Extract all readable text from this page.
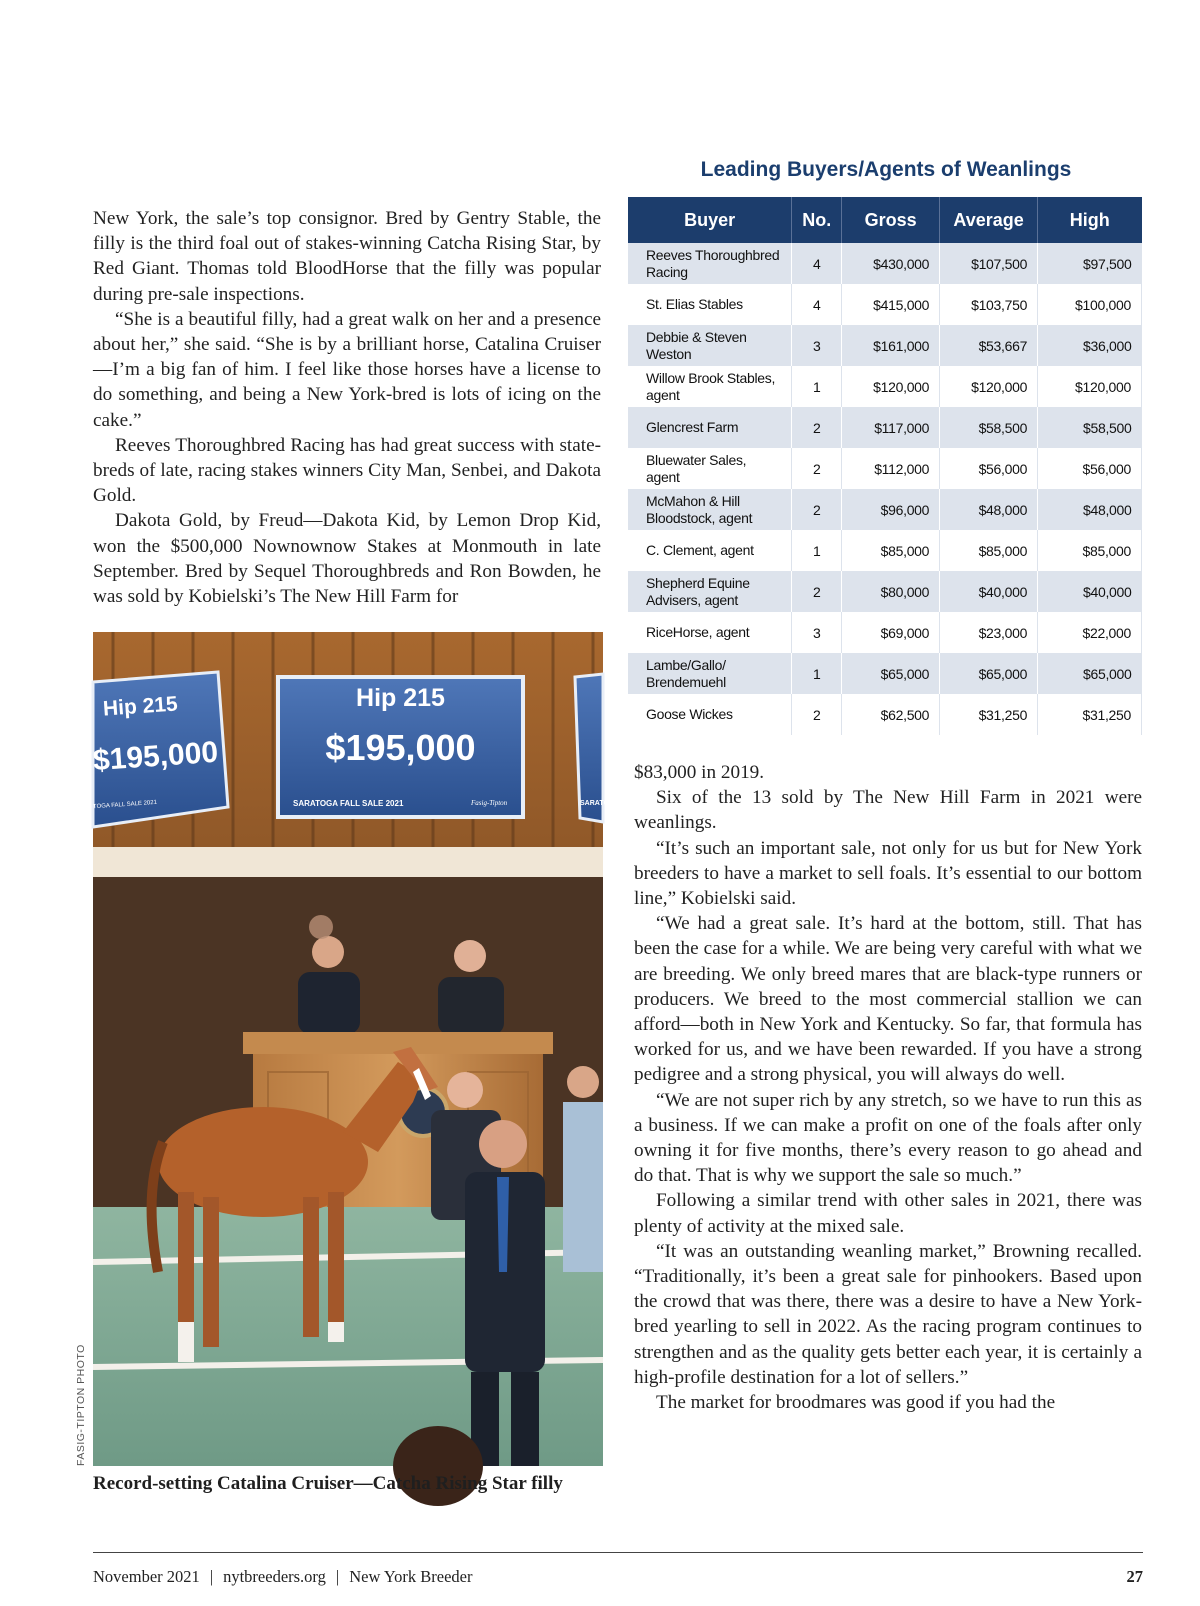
New York, the sale’s top consignor. Bred by Gentry Stable, the filly is the third foal out of stakes-winning Catcha Rising Star, by Red Giant. Thomas told BloodHorse that the filly was popular during pre-sale inspections.

“She is a beautiful filly, had a great walk on her and a presence about her,” she said. “She is by a brilliant horse, Catalina Cruiser—I’m a big fan of him. I feel like those horses have a license to do something, and being a New York-bred is lots of icing on the cake.”

Reeves Thoroughbred Racing has had great success with state-breds of late, racing stakes winners City Man, Senbei, and Dakota Gold.

Dakota Gold, by Freud—Dakota Kid, by Lemon Drop Kid, won the $500,000 Nownownow Stakes at Monmouth in late September. Bred by Sequel Thoroughbreds and Ron Bowden, he was sold by Kobielski’s The New Hill Farm for

Leading Buyers/Agents of Weanlings
Buyer	No.	Gross	Average	High
Reeves Thoroughbred Racing	4	$430,000	$107,500	$97,500
St. Elias Stables	4	$415,000	$103,750	$100,000
Debbie & Steven Weston	3	$161,000	$53,667	$36,000
Willow Brook Stables, agent	1	$120,000	$120,000	$120,000
Glencrest Farm	2	$117,000	$58,500	$58,500
Bluewater Sales, agent	2	$112,000	$56,000	$56,000
McMahon & Hill Bloodstock, agent	2	$96,000	$48,000	$48,000
C. Clement, agent	1	$85,000	$85,000	$85,000
Shepherd Equine Advisers, agent	2	$80,000	$40,000	$40,000
RiceHorse, agent	3	$69,000	$23,000	$22,000
Lambe/Gallo/ Brendemuehl	1	$65,000	$65,000	$65,000
Goose Wickes	2	$62,500	$31,250	$31,250
Hip 215
$195,000
TOGA FALL SALE 2021
Hip 215
$195,000
SARATOGA FALL SALE 2021	Fasig-Tipton	SARATO
FASIG-TIPTON PHOTO
Record-setting Catalina Cruiser—Catcha Rising Star filly

$83,000 in 2019.

Six of the 13 sold by The New Hill Farm in 2021 were weanlings.

“It’s such an important sale, not only for us but for New York breeders to have a market to sell foals. It’s essential to our bottom line,” Kobielski said.

“We had a great sale. It’s hard at the bottom, still. That has been the case for a while. We are being very careful with what we are breeding. We only breed mares that are black-type runners or producers. We breed to the most commercial stallion we can afford—both in New York and Kentucky. So far, that formula has worked for us, and we have been rewarded. If you have a strong pedigree and a strong physical, you will always do well.

“We are not super rich by any stretch, so we have to run this as a business. If we can make a profit on one of the foals after only owning it for five months, there’s every reason to go ahead and do that. That is why we support the sale so much.”

Following a similar trend with other sales in 2021, there was plenty of activity at the mixed sale.

“It was an outstanding weanling market,” Browning recalled. “Traditionally, it’s been a great sale for pinhookers. Based upon the crowd that was there, there was a desire to have a New York-bred yearling to sell in 2022. As the racing program continues to strengthen and as the quality gets better each year, it is certainly a high-profile destination for a lot of sellers.”

The market for broodmares was good if you had the

November 2021 | nytbreeders.org | New York Breeder	27
